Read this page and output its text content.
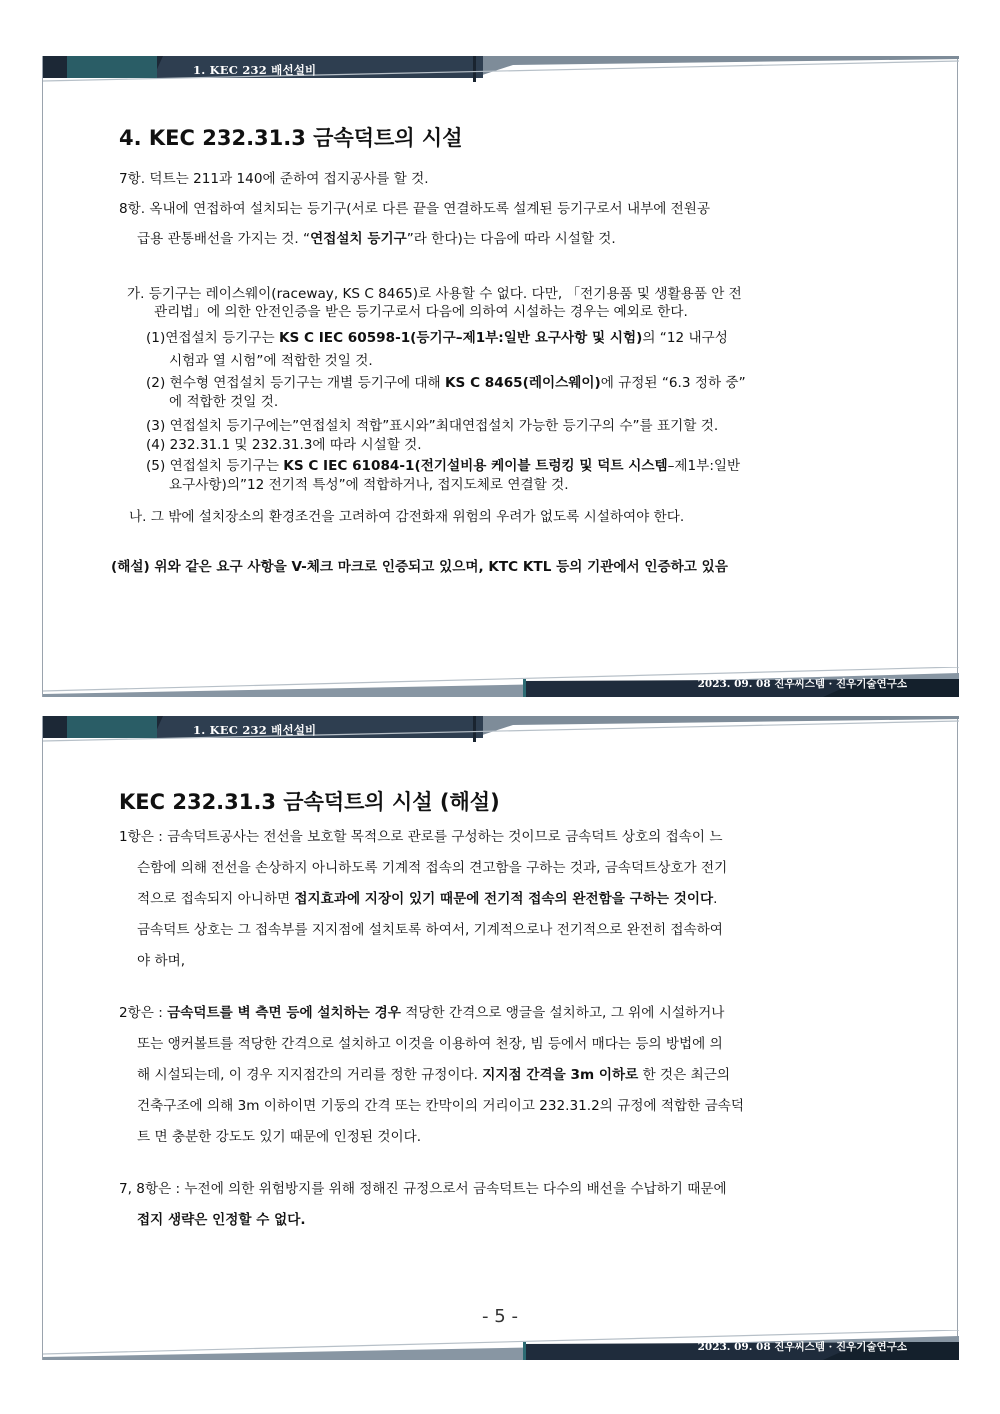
1. KEC 232 배선설비
4. KEC 232.31.3 금속덕트의 시설

7항. 덕트는 211과 140에 준하여 접지공사를 할 것.

8항. 옥내에 연접하여 설치되는 등기구(서로 다른 끝을 연결하도록 설계된 등기구로서 내부에 전원공

급용 관통배선을 가지는 것. “연접설치 등기구”라 한다)는 다음에 따라 시설할 것.

가. 등기구는 레이스웨이(raceway, KS C 8465)로 사용할 수 없다. 다만, 「전기용품 및 생활용품 안 전

관리법」에 의한 안전인증을 받은 등기구로서 다음에 의하여 시설하는 경우는 예외로 한다.

(1)연접설치 등기구는 KS C IEC 60598-1(등기구–제1부:일반 요구사항 및 시험)의 “12 내구성

시험과 열 시험”에 적합한 것일 것.

(2) 현수형 연접설치 등기구는 개별 등기구에 대해 KS C 8465(레이스웨이)에 규정된 “6.3 정하 중”

에 적합한 것일 것.

(3) 연접설치 등기구에는”연접설치 적합”표시와”최대연접설치 가능한 등기구의 수”를 표기할 것.

(4) 232.31.1 및 232.31.3에 따라 시설할 것.

(5) 연접설치 등기구는 KS C IEC 61084-1(전기설비용 케이블 트렁킹 및 덕트 시스템–제1부:일반

요구사항)의”12 전기적 특성”에 적합하거나, 접지도체로 연결할 것.

나. 그 밖에 설치장소의 환경조건을 고려하여 감전화재 위험의 우려가 없도록 시설하여야 한다.

(해설) 위와 같은 요구 사항을 V-체크 마크로 인증되고 있으며, KTC KTL 등의 기관에서 인증하고 있음

2023. 09. 08 진우씨스템 · 진우기술연구소
1. KEC 232 배선설비
KEC 232.31.3 금속덕트의 시설 (해설)

1항은 : 금속덕트공사는 전선을 보호할 목적으로 관로를 구성하는 것이므로 금속덕트 상호의 접속이 느

슨함에 의해 전선을 손상하지 아니하도록 기계적 접속의 견고함을 구하는 것과, 금속덕트상호가 전기

적으로 접속되지 아니하면 접지효과에 지장이 있기 때문에 전기적 접속의 완전함을 구하는 것이다.

금속덕트 상호는 그 접속부를 지지점에 설치토록 하여서, 기계적으로나 전기적으로 완전히 접속하여

야 하며,

2항은 : 금속덕트를 벽 측면 등에 설치하는 경우 적당한 간격으로 앵글을 설치하고, 그 위에 시설하거나

또는 앵커볼트를 적당한 간격으로 설치하고 이것을 이용하여 천장, 빔 등에서 매다는 등의 방법에 의

해 시설되는데, 이 경우 지지점간의 거리를 정한 규정이다. 지지점 간격을 3m 이하로 한 것은 최근의

건축구조에 의해 3m 이하이면 기둥의 간격 또는 칸막이의 거리이고 232.31.2의 규정에 적합한 금속덕

트 면 충분한 강도도 있기 때문에 인정된 것이다.

7, 8항은 : 누전에 의한 위험방지를 위해 정해진 규정으로서 금속덕트는 다수의 배선을 수납하기 때문에

접지 생략은 인정할 수 없다.

- 5 -
2023. 09. 08 진우씨스템 · 진우기술연구소
